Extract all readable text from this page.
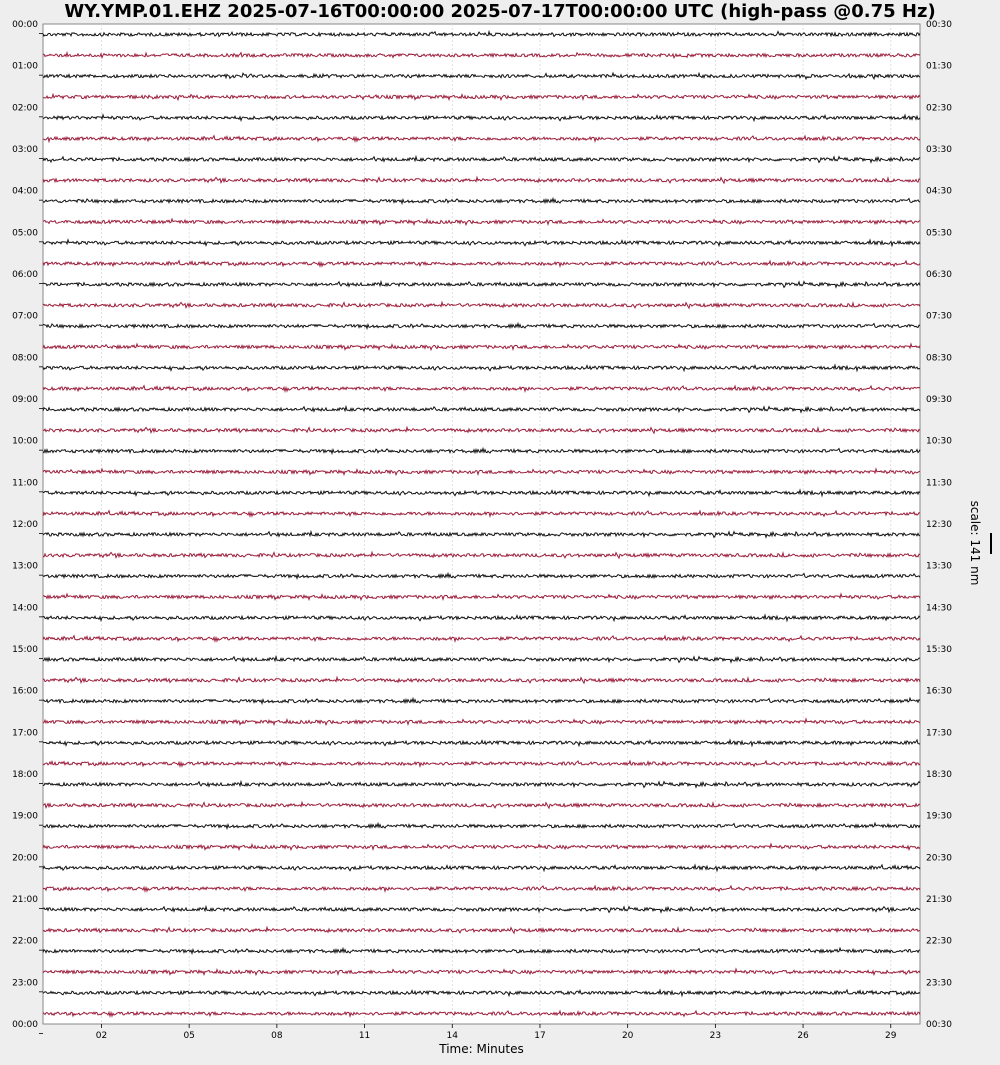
WY.YMP.01.EHZ 2025-07-16T00:00:00 2025-07-17T00:00:00 UTC (high-pass @0.75 Hz)
00:00
01:00
02:00
03:00
04:00
05:00
06:00
07:00
08:00
09:00
10:00
11:00
12:00
13:00
14:00
15:00
16:00
17:00
18:00
19:00
20:00
21:00
22:00
23:00
00:00
00:30
01:30
02:30
03:30
04:30
05:30
06:30
07:30
08:30
09:30
10:30
11:30
12:30
13:30
14:30
15:30
16:30
17:30
18:30
19:30
20:30
21:30
22:30
23:30
00:30
02	05	08	11	14	17	20	23	26	29
Time: Minutes
scale: 141 nm
